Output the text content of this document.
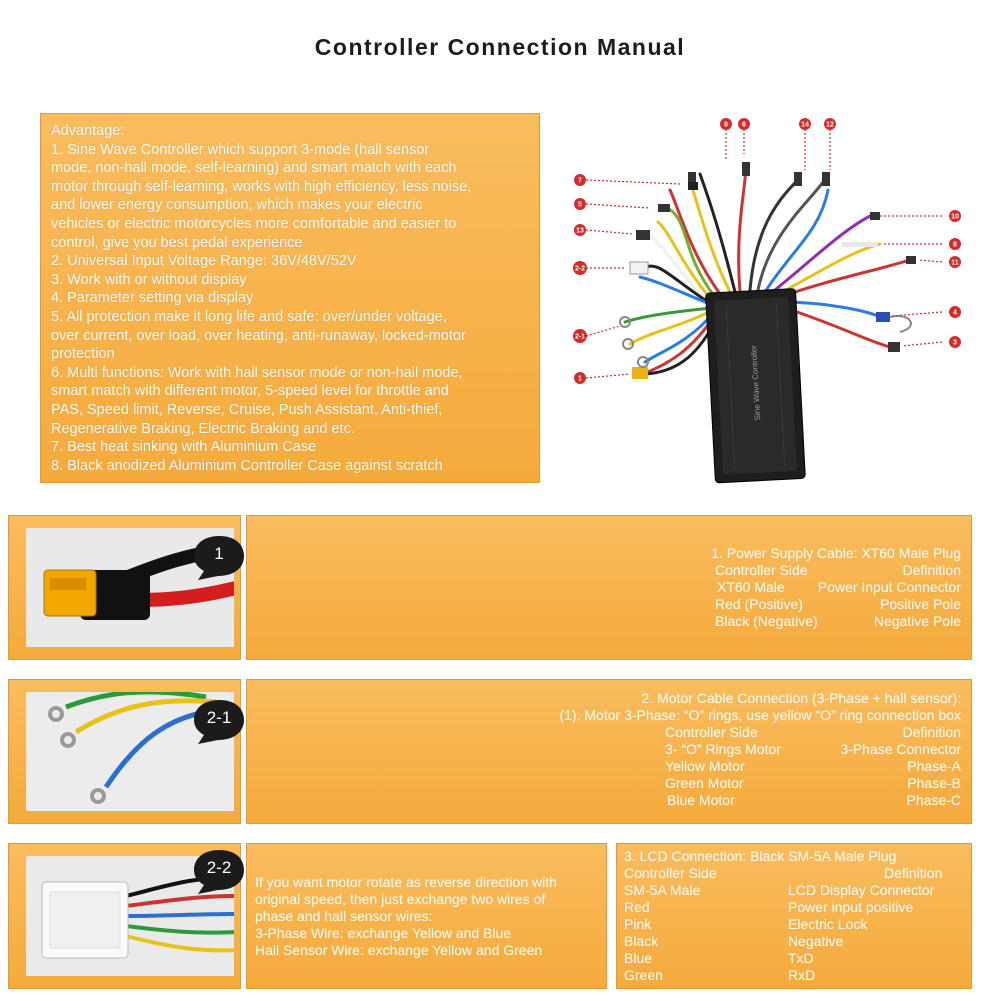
Controller Connection Manual
Advantage:
1. Sine Wave Controller which support 3-mode (hall sensor
mode, non-hall mode, self-learning) and smart match with each
motor through self-learning, works with high efficiency, less noise,
and lower energy consumption, which makes your electric
vehicles or electric motorcycles more comfortable and easier to
control, give you best pedal experience
2. Universal Input Voltage Range: 36V/48V/52V
3. Work with or without display
4. Parameter setting via display
5. All protection make it long life and safe: over/under voltage,
over current, over load, over heating, anti-runaway, locked-motor
protection
6. Multi functions: Work with hall sensor mode or non-hall mode,
smart match with different motor, 5-speed level for throttle and
PAS, Speed limit, Reverse, Cruise, Push Assistant, Anti-thief,
Regenerative Braking, Electric Braking and etc.
7. Best heat sinking with Aluminium Case
8. Black anodized Aluminium Controller Case against scratch
Sine Wave Controller
9 6	14 12
7
5
10
13
8
2-2
11
4
2-1
3
1
1	1. Power Supply Cable: XT60 Male Plug
Controller Side	Definition
XT60 Male Power Input Connector
Red (Positive)	Positive Pole
Black (Negative)	Negative Pole
2-1
2. Motor Cable Connection (3-Phase + hall sensor):
(1). Motor 3-Phase: “O” rings, use yellow “O” ring connection box
Controller Side	Definition
3- “O” Rings Motor	3-Phase Connector
Yellow Motor	Phase-A
Green Motor	Phase-B
Blue Motor	Phase-C
2-2
If you want motor rotate as reverse direction with
original speed, then just exchange two wires of
phase and hall sensor wires:
3-Phase Wire: exchange Yellow and Blue
Hall Sensor Wire: exchange Yellow and Green
3. LCD Connection: Black SM-5A Male Plug
Controller Side	Definition
SM-5A Male	LCD Display Connector
Red	Power input positive
Pink	Electric Lock
Black	Negative
Blue	TxD
Green	RxD
